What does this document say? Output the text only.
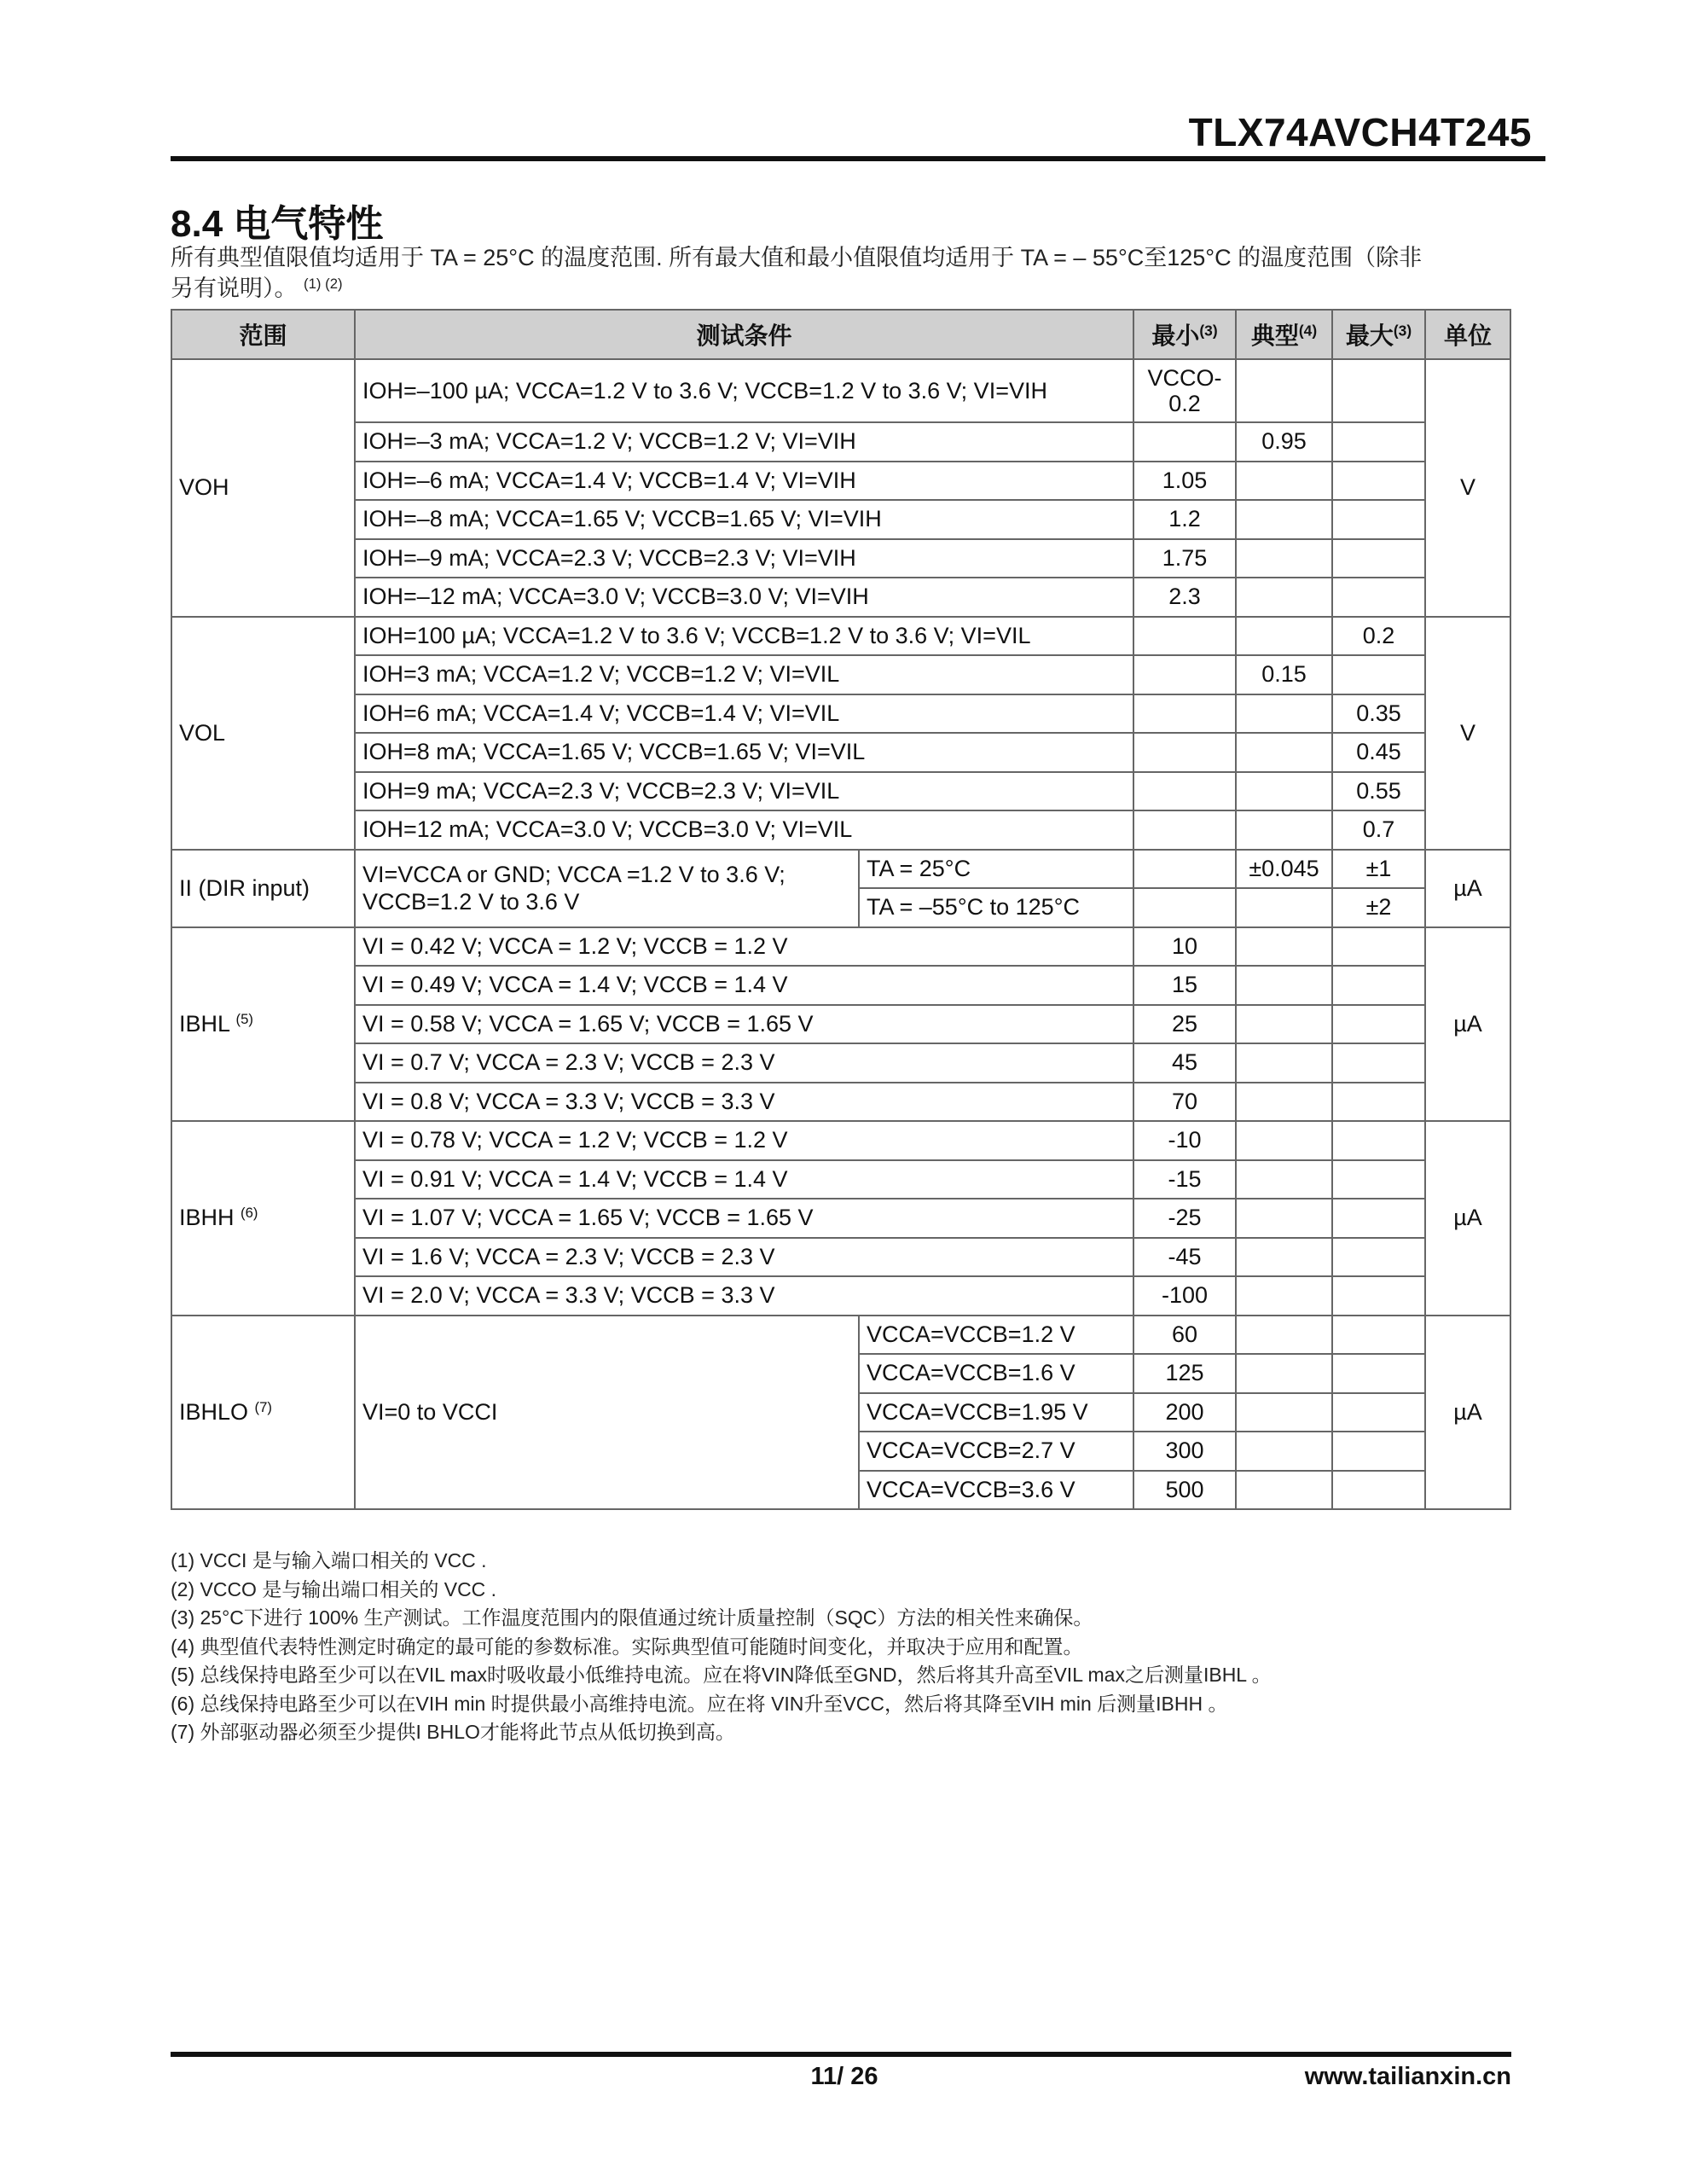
TLX74AVCH4T245
8.4 电气特性
所有典型值限值均适用于 TA = 25°C 的温度范围. 所有最大值和最小值限值均适用于 TA = – 55°C至125°C 的温度范围（除非
另有说明）。 $^{(1) (2)}$
范围	测试条件		最小$^{(3)}$	典型$^{(4)}$	最大$^{(3)}$	单位
VOH	IOH=–100 µA; VCCA=1.2 V to 3.6 V; VCCB=1.2 V to 3.6 V; VI=VIH		VCCO-
0.2			V
	IOH=–3 mA; VCCA=1.2 V; VCCB=1.2 V; VI=VIH			0.95		
	IOH=–6 mA; VCCA=1.4 V; VCCB=1.4 V; VI=VIH		1.05			
	IOH=–8 mA; VCCA=1.65 V; VCCB=1.65 V; VI=VIH		1.2			
	IOH=–9 mA; VCCA=2.3 V; VCCB=2.3 V; VI=VIH		1.75			
	IOH=–12 mA; VCCA=3.0 V; VCCB=3.0 V; VI=VIH		2.3			
VOL	IOH=100 µA; VCCA=1.2 V to 3.6 V; VCCB=1.2 V to 3.6 V; VI=VIL				0.2	V
	IOH=3 mA; VCCA=1.2 V; VCCB=1.2 V; VI=VIL			0.15		
	IOH=6 mA; VCCA=1.4 V; VCCB=1.4 V; VI=VIL				0.35	
	IOH=8 mA; VCCA=1.65 V; VCCB=1.65 V; VI=VIL				0.45	
	IOH=9 mA; VCCA=2.3 V; VCCB=2.3 V; VI=VIL				0.55	
	IOH=12 mA; VCCA=3.0 V; VCCB=3.0 V; VI=VIL				0.7	
II (DIR input)	VI=VCCA or GND; VCCA =1.2 V to 3.6 V;
VCCB=1.2 V to 3.6 V	TA = 25°C		±0.045	±1	µA
		TA = –55°C to 125°C			±2	
IBHL $^{(5)}$	VI = 0.42 V; VCCA = 1.2 V; VCCB = 1.2 V		10			µA
	VI = 0.49 V; VCCA = 1.4 V; VCCB = 1.4 V		15			
	VI = 0.58 V; VCCA = 1.65 V; VCCB = 1.65 V		25			
	VI = 0.7 V; VCCA = 2.3 V; VCCB = 2.3 V		45			
	VI = 0.8 V; VCCA = 3.3 V; VCCB = 3.3 V		70			
IBHH $^{(6)}$	VI = 0.78 V; VCCA = 1.2 V; VCCB = 1.2 V		-10			µA
	VI = 0.91 V; VCCA = 1.4 V; VCCB = 1.4 V		-15			
	VI = 1.07 V; VCCA = 1.65 V; VCCB = 1.65 V		-25			
	VI = 1.6 V; VCCA = 2.3 V; VCCB = 2.3 V		-45			
	VI = 2.0 V; VCCA = 3.3 V; VCCB = 3.3 V		-100			
IBHLO $^{(7)}$	VI=0 to VCCI	VCCA=VCCB=1.2 V	60			µA
		VCCA=VCCB=1.6 V	125			
		VCCA=VCCB=1.95 V	200			
		VCCA=VCCB=2.7 V	300			
		VCCA=VCCB=3.6 V	500			
(1) VCCI 是与输入端口相关的 VCC .
(2) VCCO 是与输出端口相关的 VCC .
(3) 25°C下进行 100% 生产测试。工作温度范围内的限值通过统计质量控制（SQC）方法的相关性来确保。
(4) 典型值代表特性测定时确定的最可能的参数标准。实际典型值可能随时间变化，并取决于应用和配置。
(5) 总线保持电路至少可以在VIL max时吸收最小低维持电流。应在将VIN降低至GND，然后将其升高至VIL max之后测量IBHL 。
(6) 总线保持电路至少可以在VIH min 时提供最小高维持电流。应在将 VIN升至VCC，然后将其降至VIH min 后测量IBHH 。
(7) 外部驱动器必须至少提供I BHLO才能将此节点从低切换到高。
11/ 26	www.tailianxin.cn
